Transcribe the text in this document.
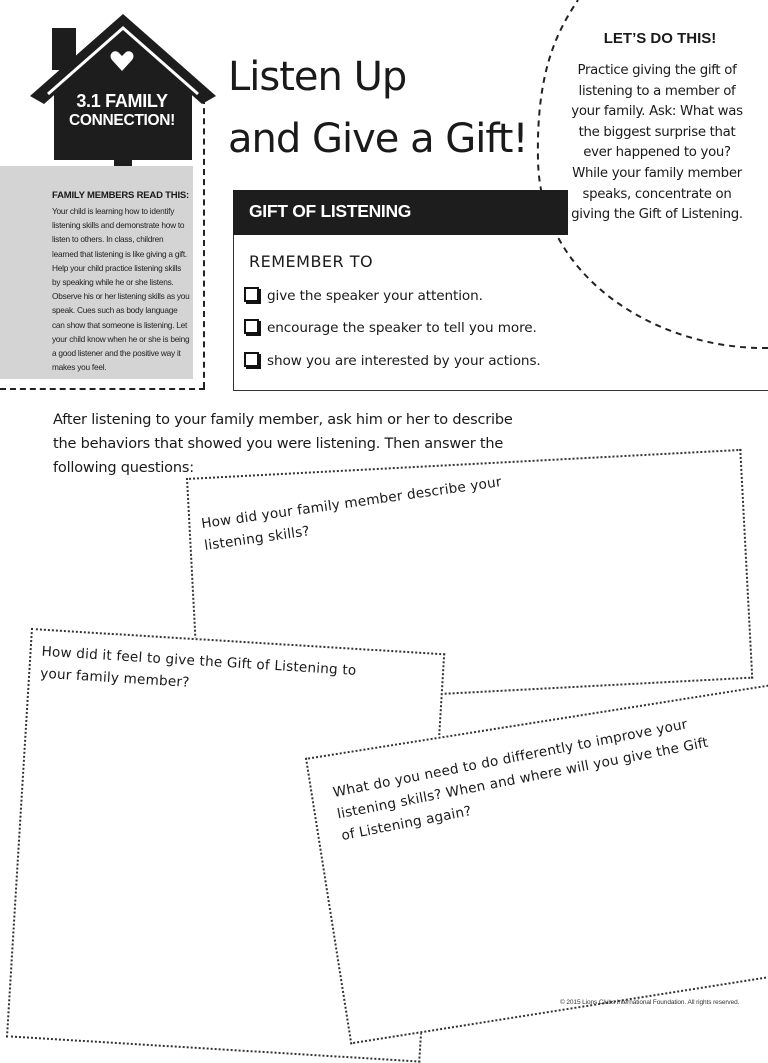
3.1 FAMILY
CONNECTION!
FAMILY MEMBERS READ THIS:
Your child is learning how to identify listening skills and demonstrate how to listen to others. In class, children learned that listening is like giving a gift. Help your child practice listening skills by speaking while he or she listens. Observe his or her listening skills as you speak. Cues such as body language can show that someone is listening. Let your child know when he or she is being a good listener and the positive way it makes you feel.
Listen Up
and Give a Gift!
LET’S DO THIS!
Practice giving the gift of listening to a member of your family. Ask: What was the biggest surprise that ever happened to you? While your family member speaks, concentrate on giving the Gift of Listening.
GIFT OF LISTENING
REMEMBER TO
give the speaker your attention.
encourage the speaker to tell you more.
show you are interested by your actions.
After listening to your family member, ask him or her to describe the behaviors that showed you were listening. Then answer the following questions:
How did your family member describe your listening skills?
How did it feel to give the Gift of Listening to your family member?
What do you need to do differently to improve your listening skills? When and where will you give the Gift of Listening again?
© 2015 Lions Clubs International Foundation. All rights reserved.
